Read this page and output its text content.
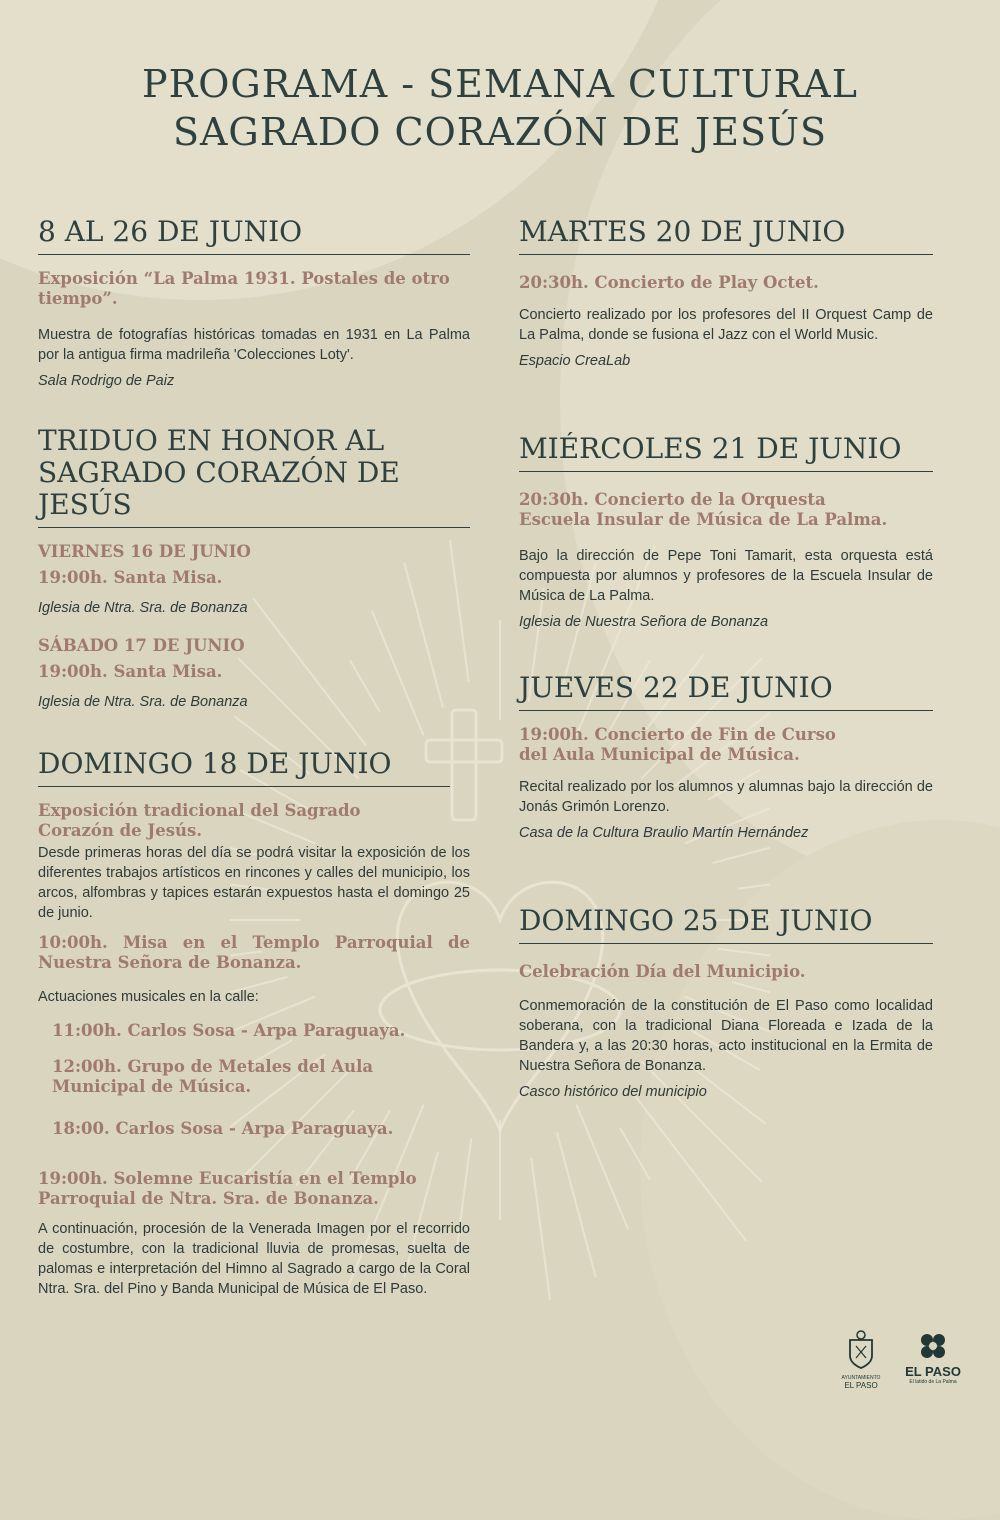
PROGRAMA - SEMANA CULTURAL
SAGRADO CORAZÓN DE JESÚS
8 AL 26 DE JUNIO
Exposición “La Palma 1931. Postales de otro tiempo”.
Muestra de fotografías históricas tomadas en 1931 en La Palma por la antigua firma madrileña 'Colecciones Loty'.
Sala Rodrigo de Paiz
TRIDUO EN HONOR AL
SAGRADO CORAZÓN DE JESÚS
VIERNES 16 DE JUNIO
19:00h. Santa Misa.
Iglesia de Ntra. Sra. de Bonanza
SÁBADO 17 DE JUNIO
19:00h. Santa Misa.
Iglesia de Ntra. Sra. de Bonanza
DOMINGO 18 DE JUNIO
Exposición tradicional del Sagrado Corazón de Jesús.
Desde primeras horas del día se podrá visitar la exposición de los diferentes trabajos artísticos en rincones y calles del municipio, los arcos, alfombras y tapices estarán expuestos hasta el domingo 25 de junio.
10:00h. Misa en el Templo Parroquial de Nuestra Señora de Bonanza.
Actuaciones musicales en la calle:
11:00h. Carlos Sosa - Arpa Paraguaya.
12:00h. Grupo de Metales del Aula Municipal de Música.
18:00. Carlos Sosa - Arpa Paraguaya.
19:00h. Solemne Eucaristía en el Templo Parroquial de Ntra. Sra. de Bonanza.
A continuación, procesión de la Venerada Imagen por el recorrido de costumbre, con la tradicional lluvia de promesas, suelta de palomas e interpretación del Himno al Sagrado a cargo de la Coral Ntra. Sra. del Pino y Banda Municipal de Música de El Paso.
MARTES 20 DE JUNIO
20:30h. Concierto de Play Octet.
Concierto realizado por los profesores del II Orquest Camp de La Palma, donde se fusiona el Jazz con el World Music.
Espacio CreaLab
MIÉRCOLES 21 DE JUNIO
20:30h. Concierto de la Orquesta Escuela Insular de Música de La Palma.
Bajo la dirección de Pepe Toni Tamarit, esta orquesta está compuesta por alumnos y profesores de la Escuela Insular de Música de La Palma.
Iglesia de Nuestra Señora de Bonanza
JUEVES 22 DE JUNIO
19:00h. Concierto de Fin de Curso del Aula Municipal de Música.
Recital realizado por los alumnos y alumnas bajo la dirección de Jonás Grimón Lorenzo.
Casa de la Cultura Braulio Martín Hernández
DOMINGO 25 DE JUNIO
Celebración Día del Municipio.
Conmemoración de la constitución de El Paso como localidad soberana, con la tradicional Diana Floreada e Izada de la Bandera y, a las 20:30 horas, acto institucional en la Ermita de Nuestra Señora de Bonanza.
Casco histórico del municipio
AYUNTAMIENTO
EL PASO
EL PASO
El latido de La Palma
